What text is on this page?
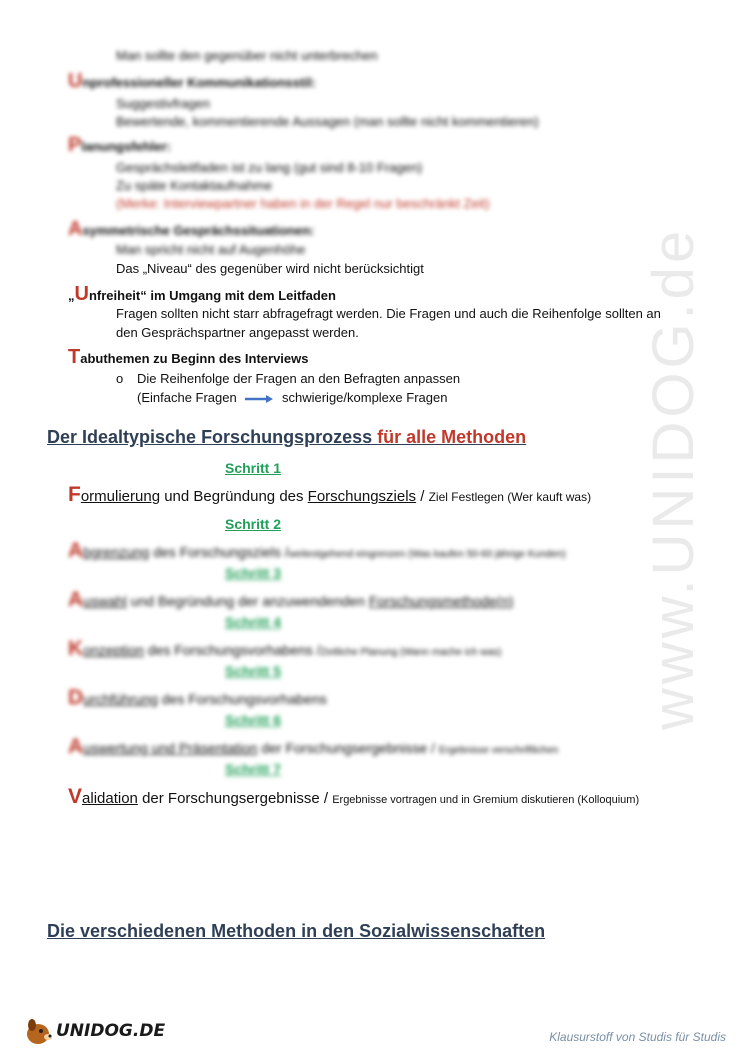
www.UNIDOG.de
Man sollte den gegenüber nicht unterbrechen
Unprofessioneller Kommunikationsstil:
Suggestivfragen
Bewertende, kommentierende Aussagen (man sollte nicht kommentieren)
Planungsfehler:
Gesprächsleitfaden ist zu lang (gut sind 8-10 Fragen)
Zu späte Kontaktaufnahme
(Merke: Interviewpartner haben in der Regel nur beschränkt Zeit)
Asymmetrische Gesprächssituationen:
Man spricht nicht auf Augenhöhe
Das „Niveau“ des gegenüber wird nicht berücksichtigt
„Unfreiheit“ im Umgang mit dem Leitfaden
Fragen sollten nicht starr abfragefragt werden. Die Fragen und auch die Reihenfolge sollten an
den Gesprächspartner angepasst werden.
Tabuthemen zu Beginn des Interviews
o Die Reihenfolge der Fragen an den Befragten anpassen
(Einfache Fragen	schwierige/komplexe Fragen
Der Idealtypische Forschungsprozess für alle Methoden
Schritt 1
Formulierung und Begründung des Forschungsziels / Ziel Festlegen (Wer kauft was)
Schritt 2
Abgrenzung des Forschungsziels /weitestgehend eingrenzen (Was kaufen 50-60 jährige Kunden)
Schritt 3
Auswahl und Begründung der anzuwendenden Forschungsmethode(n)
Schritt 4
Konzeption des Forschungsvorhabens /Zeitliche Planung (Wann mache ich was)
Schritt 5
Durchführung des Forschungsvorhabens
Schritt 6
Auswertung und Präsentation der Forschungsergebnisse / Ergebnisse verschriftlichen
Schritt 7
Validation der Forschungsergebnisse / Ergebnisse vortragen und in Gremium diskutieren (Kolloquium)
Die verschiedenen Methoden in den Sozialwissenschaften
UNIDOG.DE	Klausurstoff von Studis für Studis
